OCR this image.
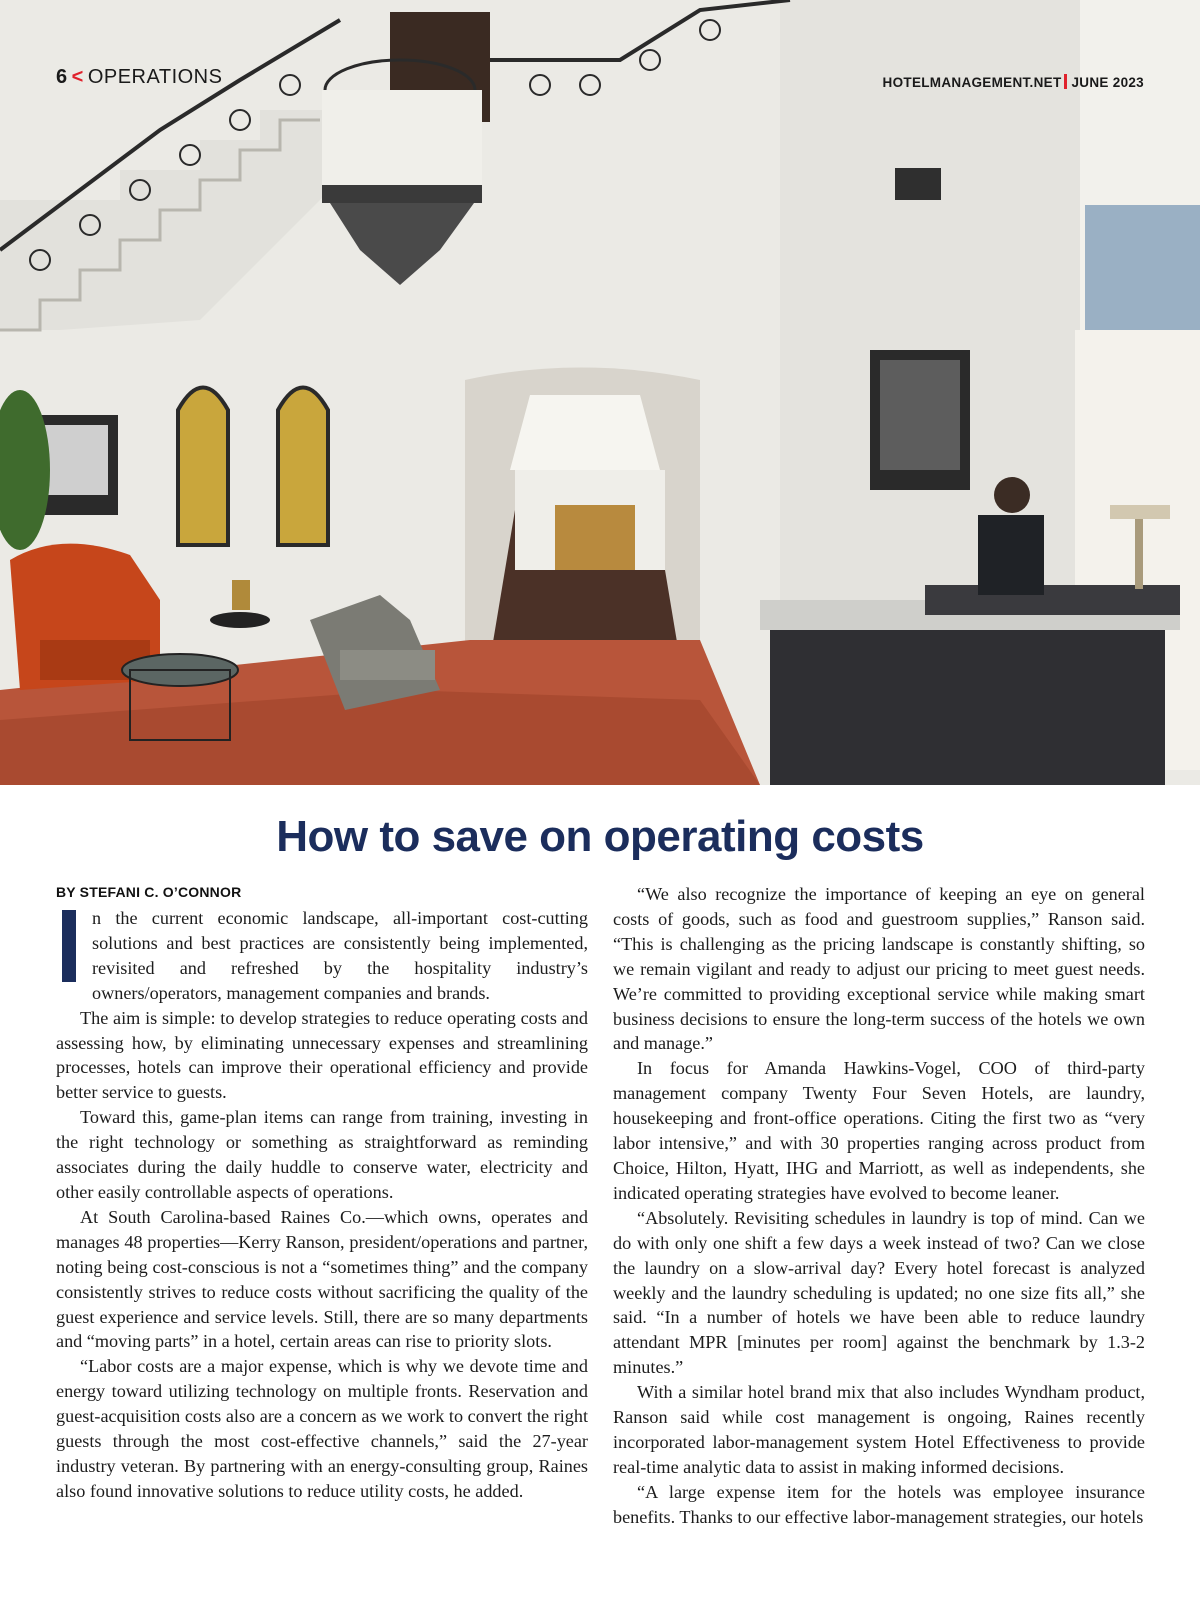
6 < OPERATIONS	HOTELMANAGEMENT.NET JUNE 2023
How to save on operating costs
BY STEFANI C. O’CONNOR

n the current economic landscape, all-important cost-cutting solutions and best practices are consistently being implemented, revisited and refreshed by the hospitality industry’s owners/operators, management companies and brands.

The aim is simple: to develop strategies to reduce operating costs and assessing how, by eliminating unnecessary expenses and streamlining processes, hotels can improve their operational efficiency and provide better service to guests.

Toward this, game-plan items can range from training, investing in the right technology or something as straightforward as reminding associates during the daily huddle to conserve water, electricity and other easily controllable aspects of operations.

At South Carolina-based Raines Co.—which owns, operates and manages 48 properties—Kerry Ranson, president/operations and partner, noting being cost-conscious is not a “sometimes thing” and the company consistently strives to reduce costs without sacrificing the quality of the guest experience and service levels. Still, there are so many departments and “moving parts” in a hotel, certain areas can rise to priority slots.

“Labor costs are a major expense, which is why we devote time and energy toward utilizing technology on multiple fronts. Reservation and guest-acquisition costs also are a concern as we work to convert the right guests through the most cost-effective channels,” said the 27-year industry veteran. By partnering with an energy-consulting group, Raines also found innovative solutions to reduce utility costs, he added.

“We also recognize the importance of keeping an eye on general costs of goods, such as food and guestroom supplies,” Ranson said. “This is challenging as the pricing landscape is constantly shifting, so we remain vigilant and ready to adjust our pricing to meet guest needs. We’re committed to providing exceptional service while making smart business decisions to ensure the long-term success of the hotels we own and manage.”

In focus for Amanda Hawkins-Vogel, COO of third-party management company Twenty Four Seven Hotels, are laundry, housekeeping and front-office operations. Citing the first two as “very labor intensive,” and with 30 properties ranging across product from Choice, Hilton, Hyatt, IHG and Marriott, as well as independents, she indicated operating strategies have evolved to become leaner.

“Absolutely. Revisiting schedules in laundry is top of mind. Can we do with only one shift a few days a week instead of two? Can we close the laundry on a slow-arrival day? Every hotel forecast is analyzed weekly and the laundry scheduling is updated; no one size fits all,” she said. “In a number of hotels we have been able to reduce laundry attendant MPR [minutes per room] against the benchmark by 1.3-2 minutes.”

With a similar hotel brand mix that also includes Wyndham product, Ranson said while cost management is ongoing, Raines recently incorporated labor-management system Hotel Effectiveness to provide real-time analytic data to assist in making informed decisions.

“A large expense item for the hotels was employee insurance benefits. Thanks to our effective labor-management strategies, our hotels
